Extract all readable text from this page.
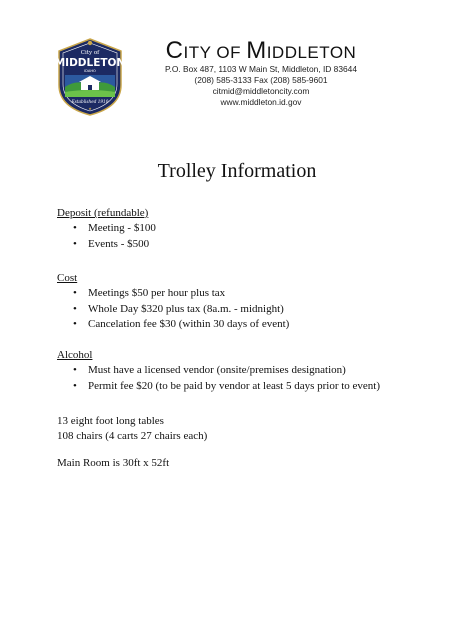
City of
MIDDLETON
IDAHO
Established 1910
★
CITY OF MIDDLETON
P.O. Box 487, 1103 W Main St, Middleton, ID 83644
(208) 585-3133 Fax (208) 585-9601
citmid@middletoncity.com
www.middleton.id.gov
Trolley Information
Deposit (refundable)
• Meeting - $100
• Events - $500
Cost
• Meetings $50 per hour plus tax
• Whole Day $320 plus tax (8a.m. - midnight)
• Cancelation fee $30 (within 30 days of event)
Alcohol
• Must have a licensed vendor (onsite/premises designation)
• Permit fee $20 (to be paid by vendor at least 5 days prior to event)
13 eight foot long tables
108 chairs (4 carts 27 chairs each)
Main Room is 30ft x 52ft
